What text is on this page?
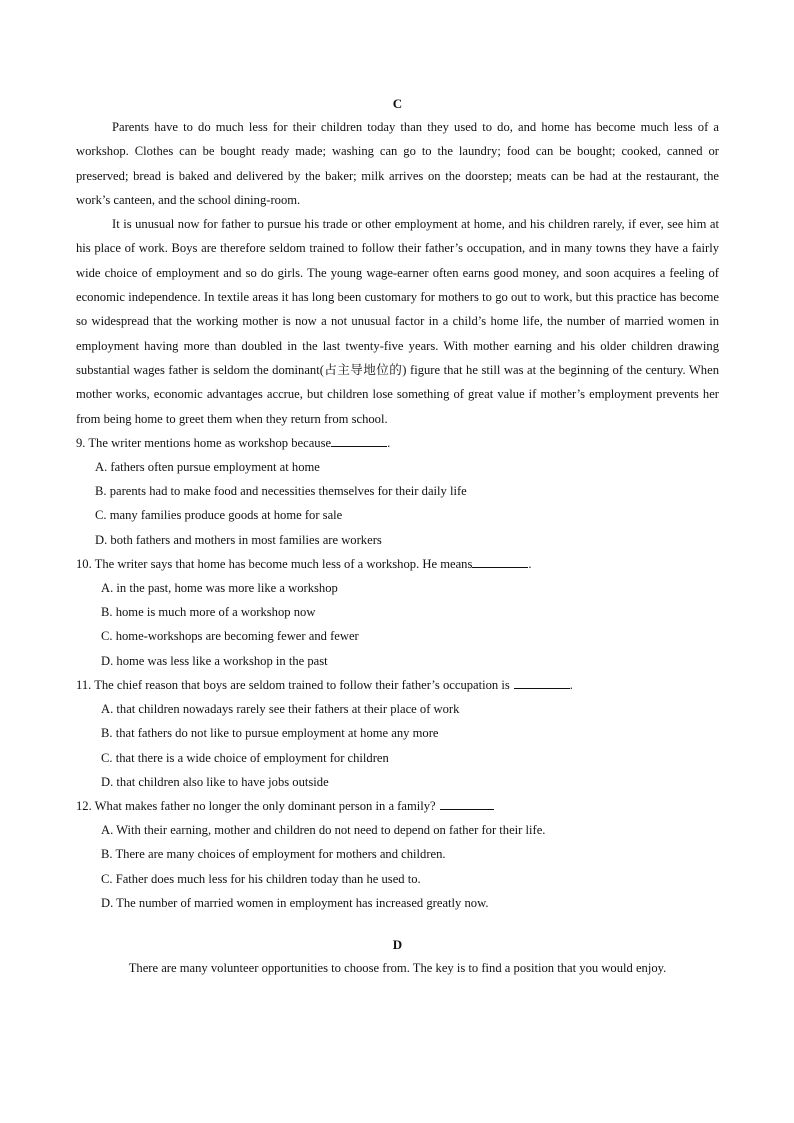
C

Parents have to do much less for their children today than they used to do, and home has become much less of a workshop. Clothes can be bought ready made; washing can go to the laundry; food can be bought; cooked, canned or preserved; bread is baked and delivered by the baker; milk arrives on the doorstep; meats can be had at the restaurant, the work’s canteen, and the school dining-room.

It is unusual now for father to pursue his trade or other employment at home, and his children rarely, if ever, see him at his place of work. Boys are therefore seldom trained to follow their father’s occupation, and in many towns they have a fairly wide choice of employment and so do girls. The young wage-earner often earns good money, and soon acquires a feeling of economic independence. In textile areas it has long been customary for mothers to go out to work, but this practice has become so widespread that the working mother is now a not unusual factor in a child’s home life, the number of married women in employment having more than doubled in the last twenty-five years. With mother earning and his older children drawing substantial wages father is seldom the dominant(占主导地位的) figure that he still was at the beginning of the century. When mother works, economic advantages accrue, but children lose something of great value if mother’s employment prevents her from being home to greet them when they return from school.

9. The writer mentions home as workshop because	.
A. fathers often pursue employment at home
B. parents had to make food and necessities themselves for their daily life
C. many families produce goods at home for sale
D. both fathers and mothers in most families are workers
10. The writer says that home has become much less of a workshop. He means	.
A. in the past, home was more like a workshop
B. home is much more of a workshop now
C. home-workshops are becoming fewer and fewer
D. home was less like a workshop in the past
11. The chief reason that boys are seldom trained to follow their father’s occupation is	.
A. that children nowadays rarely see their fathers at their place of work
B. that fathers do not like to pursue employment at home any more
C. that there is a wide choice of employment for children
D. that children also like to have jobs outside
12. What makes father no longer the only dominant person in a family?
A. With their earning, mother and children do not need to depend on father for their life.
B. There are many choices of employment for mothers and children.
C. Father does much less for his children today than he used to.
D. The number of married women in employment has increased greatly now.
D
There are many volunteer opportunities to choose from. The key is to find a position that you would enjoy.
